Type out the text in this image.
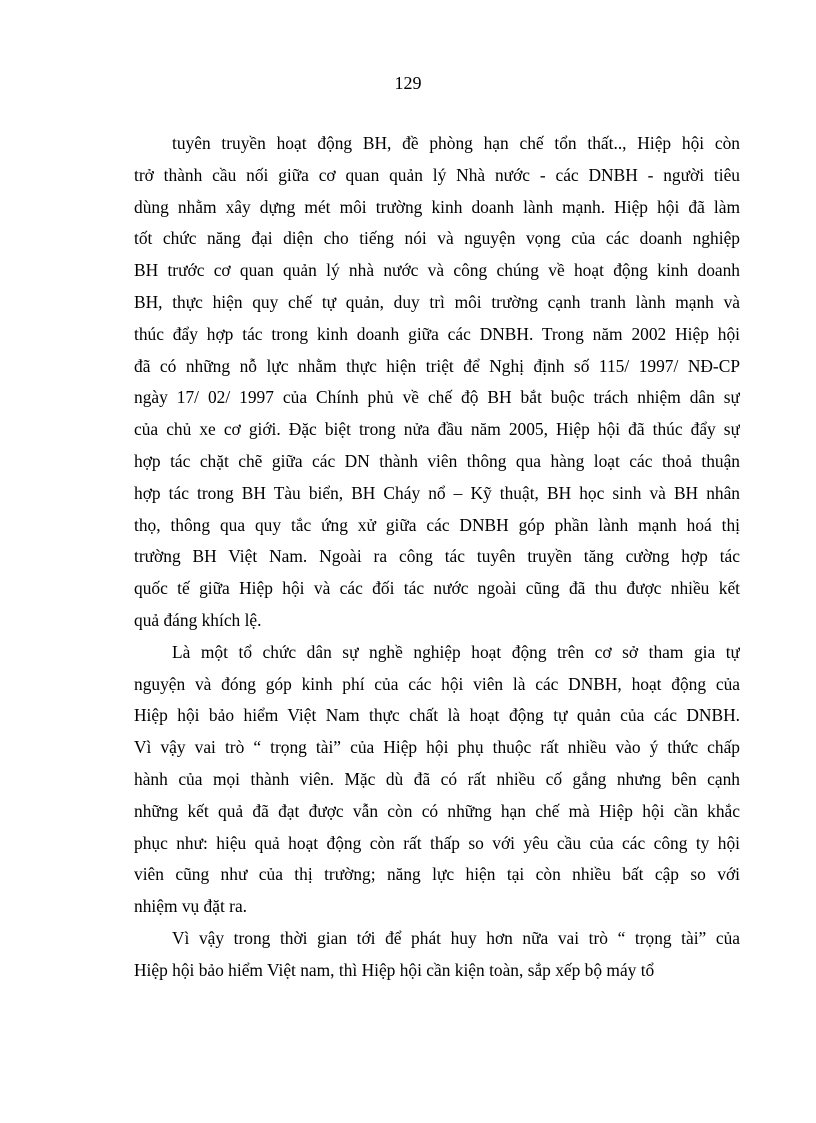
129
tuyên truyền hoạt động BH, đề phòng hạn chế tổn thất.., Hiệp hội còn
trở thành cầu nối giữa cơ quan quản lý Nhà nước - các DNBH - người tiêu
dùng nhằm xây dựng mét môi trường kinh doanh lành mạnh. Hiệp hội đã làm
tốt chức năng đại diện cho tiếng nói và nguyện vọng của các doanh nghiệp
BH trước cơ quan quản lý nhà nước và công chúng về hoạt động kinh doanh
BH, thực hiện quy chế tự quản, duy trì môi trường cạnh tranh lành mạnh và
thúc đẩy hợp tác trong kinh doanh giữa các DNBH. Trong năm 2002 Hiệp hội
đã có những nỗ lực nhằm thực hiện triệt để Nghị định số 115/ 1997/ NĐ-CP
ngày 17/ 02/ 1997 của Chính phủ về chế độ BH bắt buộc trách nhiệm dân sự
của chủ xe cơ giới. Đặc biệt trong nửa đầu năm 2005, Hiệp hội đã thúc đẩy sự
hợp tác chặt chẽ giữa các DN thành viên thông qua hàng loạt các thoả thuận
hợp tác trong BH Tàu biển, BH Cháy nổ – Kỹ thuật, BH học sinh và BH nhân
thọ, thông qua quy tắc ứng xử giữa các DNBH góp phần lành mạnh hoá thị
trường BH Việt Nam. Ngoài ra công tác tuyên truyền tăng cường hợp tác
quốc tế giữa Hiệp hội và các đối tác nước ngoài cũng đã thu được nhiều kết
quả đáng khích lệ.
Là một tổ chức dân sự nghề nghiệp hoạt động trên cơ sở tham gia tự
nguyện và đóng góp kinh phí của các hội viên là các DNBH, hoạt động của
Hiệp hội bảo hiểm Việt Nam thực chất là hoạt động tự quản của các DNBH.
Vì vậy vai trò “ trọng tài” của Hiệp hội phụ thuộc rất nhiều vào ý thức chấp
hành của mọi thành viên. Mặc dù đã có rất nhiều cố gắng nhưng bên cạnh
những kết quả đã đạt được vẫn còn có những hạn chế mà Hiệp hội cần khắc
phục như: hiệu quả hoạt động còn rất thấp so với yêu cầu của các công ty hội
viên cũng như của thị trường; năng lực hiện tại còn nhiều bất cập so với
nhiệm vụ đặt ra.
Vì vậy trong thời gian tới để phát huy hơn nữa vai trò “ trọng tài” của
Hiệp hội bảo hiểm Việt nam, thì Hiệp hội cần kiện toàn, sắp xếp bộ máy tổ
